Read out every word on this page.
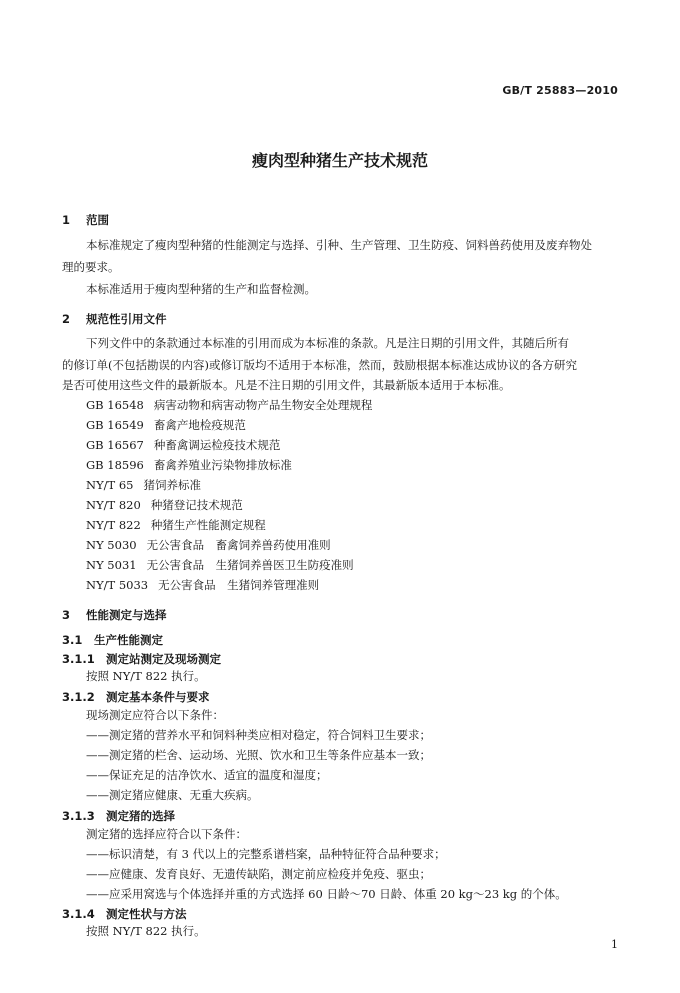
GB/T 25883—2010
瘦肉型种猪生产技术规范
1 范围
本标准规定了瘦肉型种猪的性能测定与选择、引种、生产管理、卫生防疫、饲料兽药使用及废弃物处
理的要求。
本标准适用于瘦肉型种猪的生产和监督检测。
2 规范性引用文件
下列文件中的条款通过本标准的引用而成为本标准的条款。凡是注日期的引用文件，其随后所有
的修订单(不包括勘误的内容)或修订版均不适用于本标准，然而，鼓励根据本标准达成协议的各方研究
是否可使用这些文件的最新版本。凡是不注日期的引用文件，其最新版本适用于本标准。
GB 16548 病害动物和病害动物产品生物安全处理规程
GB 16549 畜禽产地检疫规范
GB 16567 种畜禽调运检疫技术规范
GB 18596 畜禽养殖业污染物排放标准
NY/T 65 猪饲养标准
NY/T 820 种猪登记技术规范
NY/T 822 种猪生产性能测定规程
NY 5030 无公害食品　畜禽饲养兽药使用准则
NY 5031 无公害食品　生猪饲养兽医卫生防疫准则
NY/T 5033 无公害食品　生猪饲养管理准则
3 性能测定与选择
3.1 生产性能测定
3.1.1 测定站测定及现场测定
按照 NY/T 822 执行。
3.1.2 测定基本条件与要求
现场测定应符合以下条件：
——测定猪的营养水平和饲料种类应相对稳定，符合饲料卫生要求；
——测定猪的栏舍、运动场、光照、饮水和卫生等条件应基本一致；
——保证充足的洁净饮水、适宜的温度和湿度；
——测定猪应健康、无重大疾病。
3.1.3 测定猪的选择
测定猪的选择应符合以下条件：
——标识清楚，有 3 代以上的完整系谱档案，品种特征符合品种要求；
——应健康、发育良好、无遗传缺陷，测定前应检疫并免疫、驱虫；
——应采用窝选与个体选择并重的方式选择 60 日龄～70 日龄、体重 20 kg～23 kg 的个体。
3.1.4 测定性状与方法
按照 NY/T 822 执行。
1
